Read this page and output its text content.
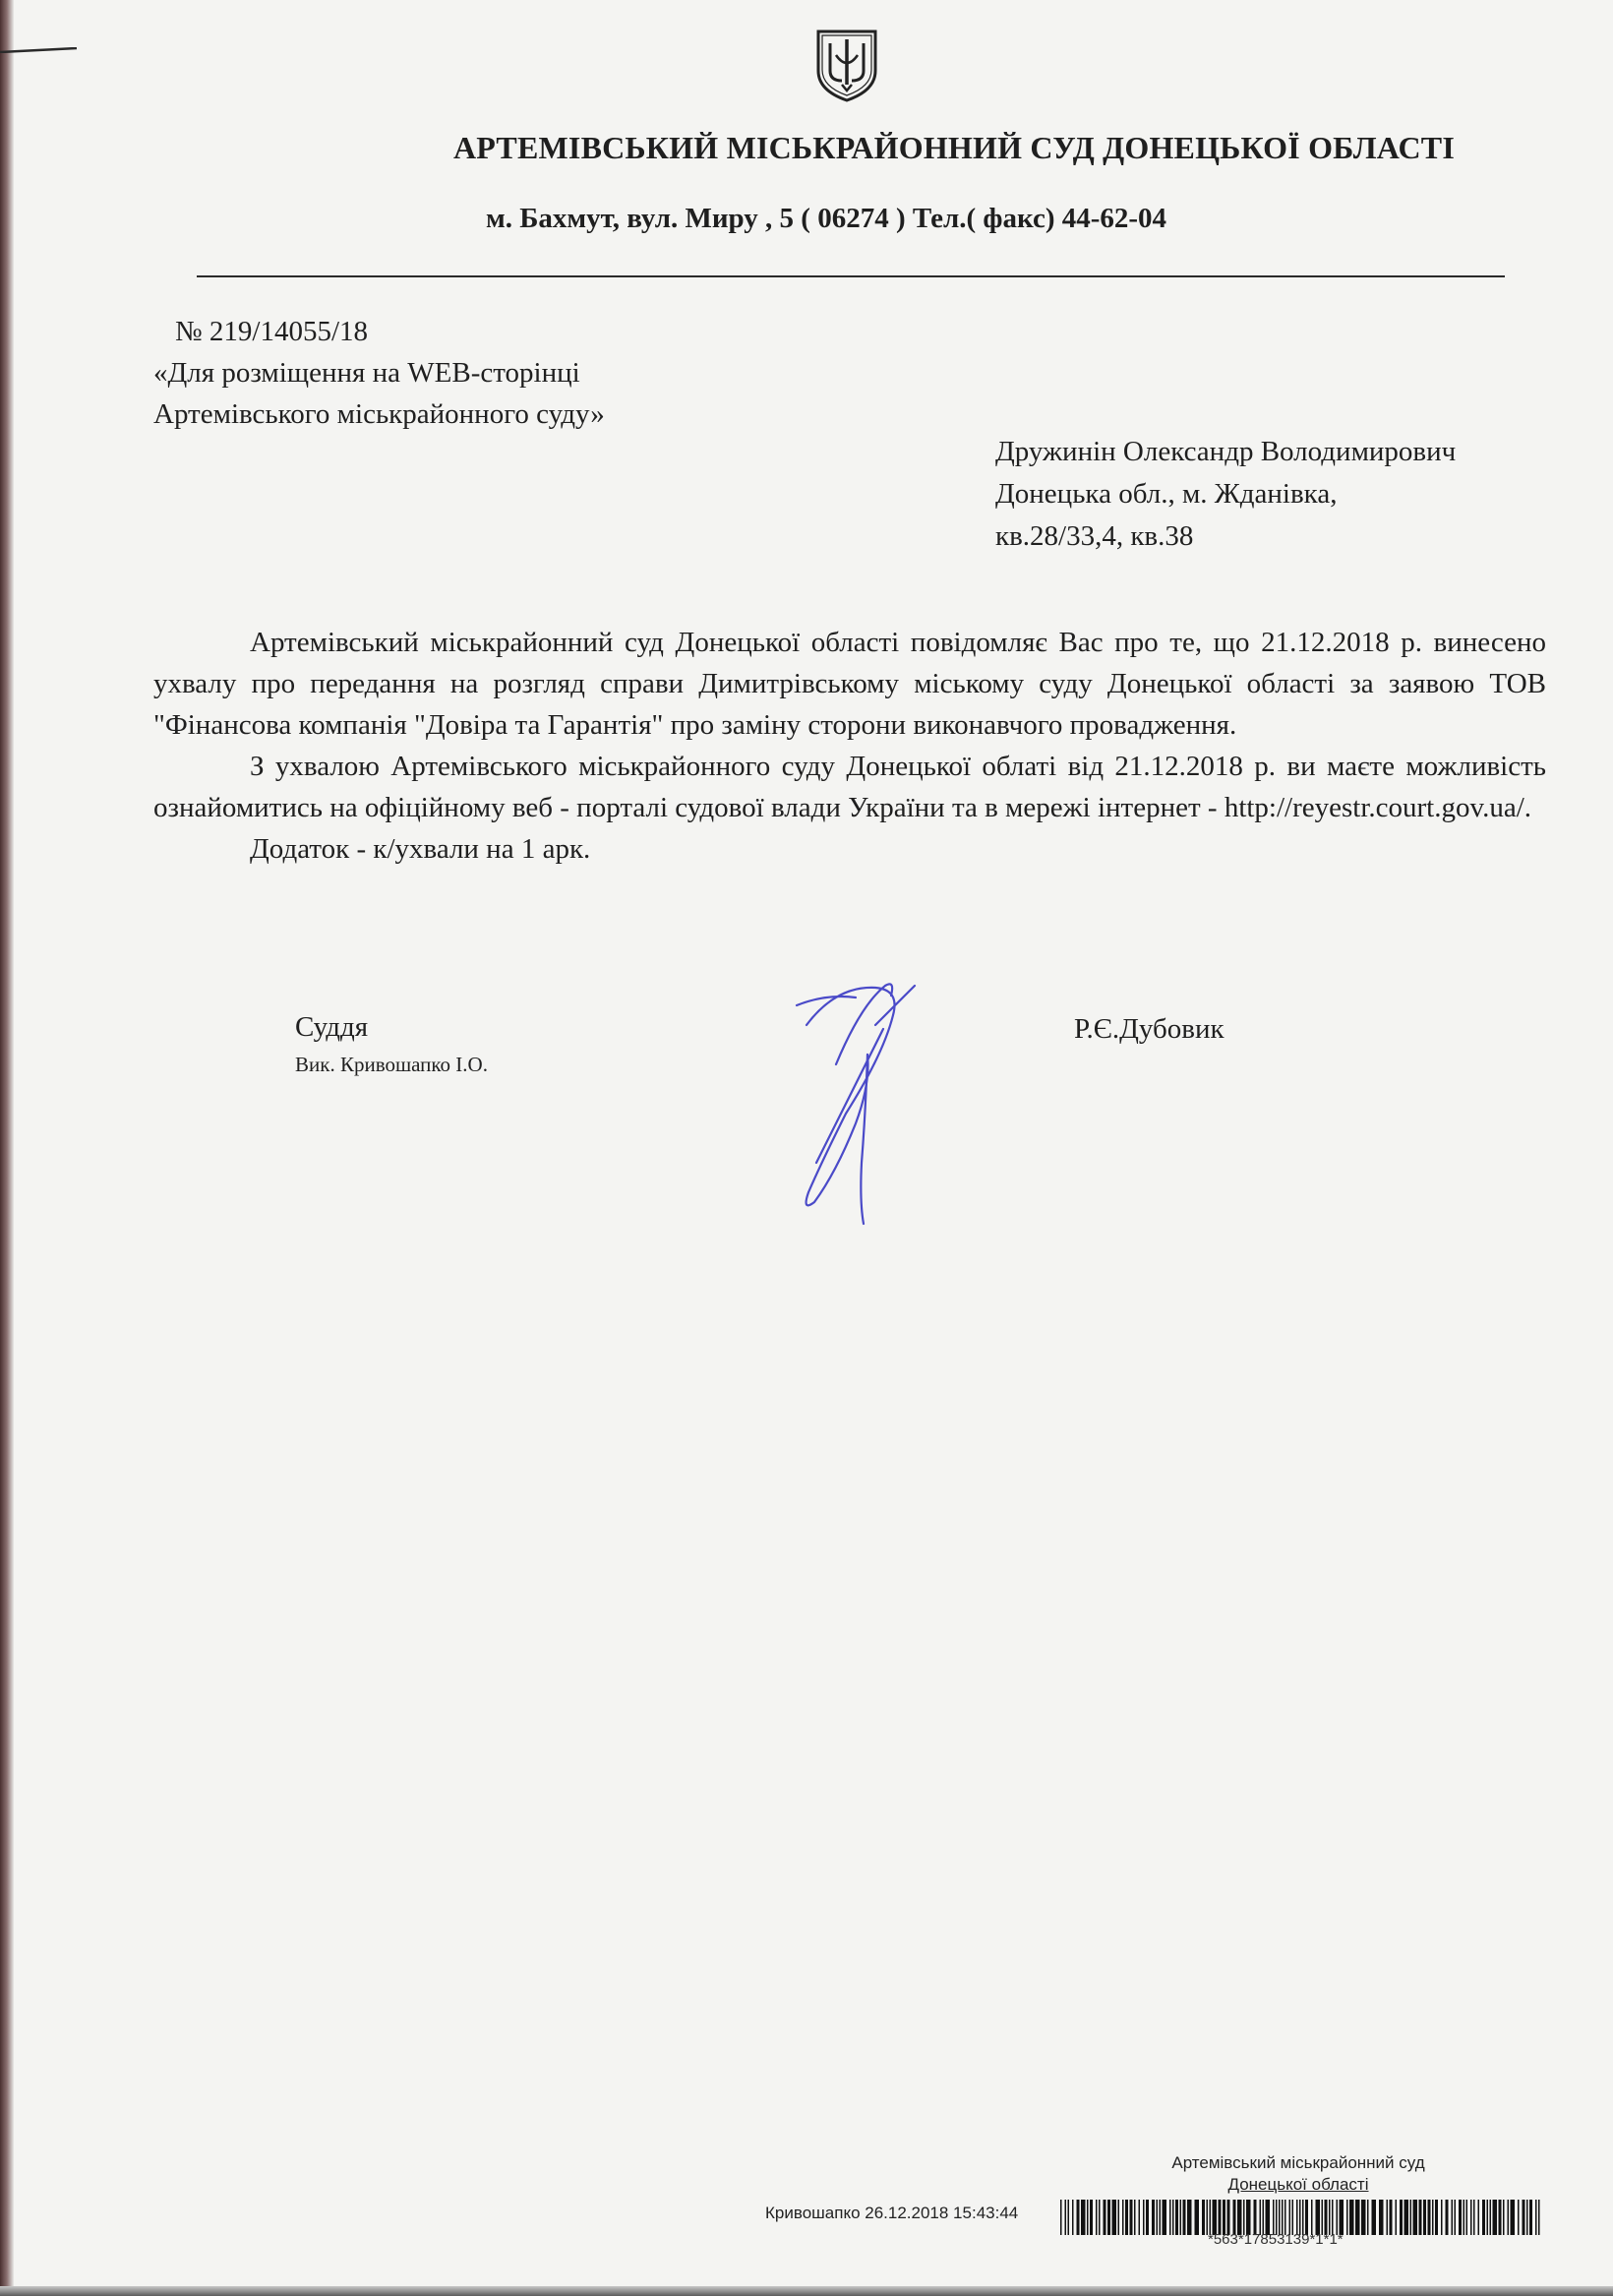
АРТЕМІВСЬКИЙ МІСЬКРАЙОННИЙ СУД ДОНЕЦЬКОЇ ОБЛАСТІ
м. Бахмут, вул. Миру , 5 ( 06274 ) Тел.( факс) 44-62-04
№ 219/14055/18
«Для розміщення на WEB-сторінці
Артемівського міськрайонного суду»
Дружинін Олександр Володимирович
Донецька обл., м. Жданівка,
кв.28/33,4, кв.38

Артемівський міськрайонний суд Донецької області повідомляє Вас про те, що 21.12.2018 р. винесено ухвалу про передання на розгляд справи Димитрівському міському суду Донецької області за заявою ТОВ "Фінансова компанія "Довіра та Гарантія" про заміну сторони виконавчого провадження.

З ухвалою Артемівського міськрайонного суду Донецької облаті від 21.12.2018 р. ви маєте можливість ознайомитись на офіційному веб - порталі судової влади України та в мережі інтернет - http://reyestr.court.gov.ua/.

Додаток - к/ухвали на 1 арк.

Суддя
Вик. Кривошапко І.О.
Р.Є.Дубовик
Артемівський міськрайонний суд
Донецької області
Кривошапко 26.12.2018 15:43:44
*563*17853139*1*1*
